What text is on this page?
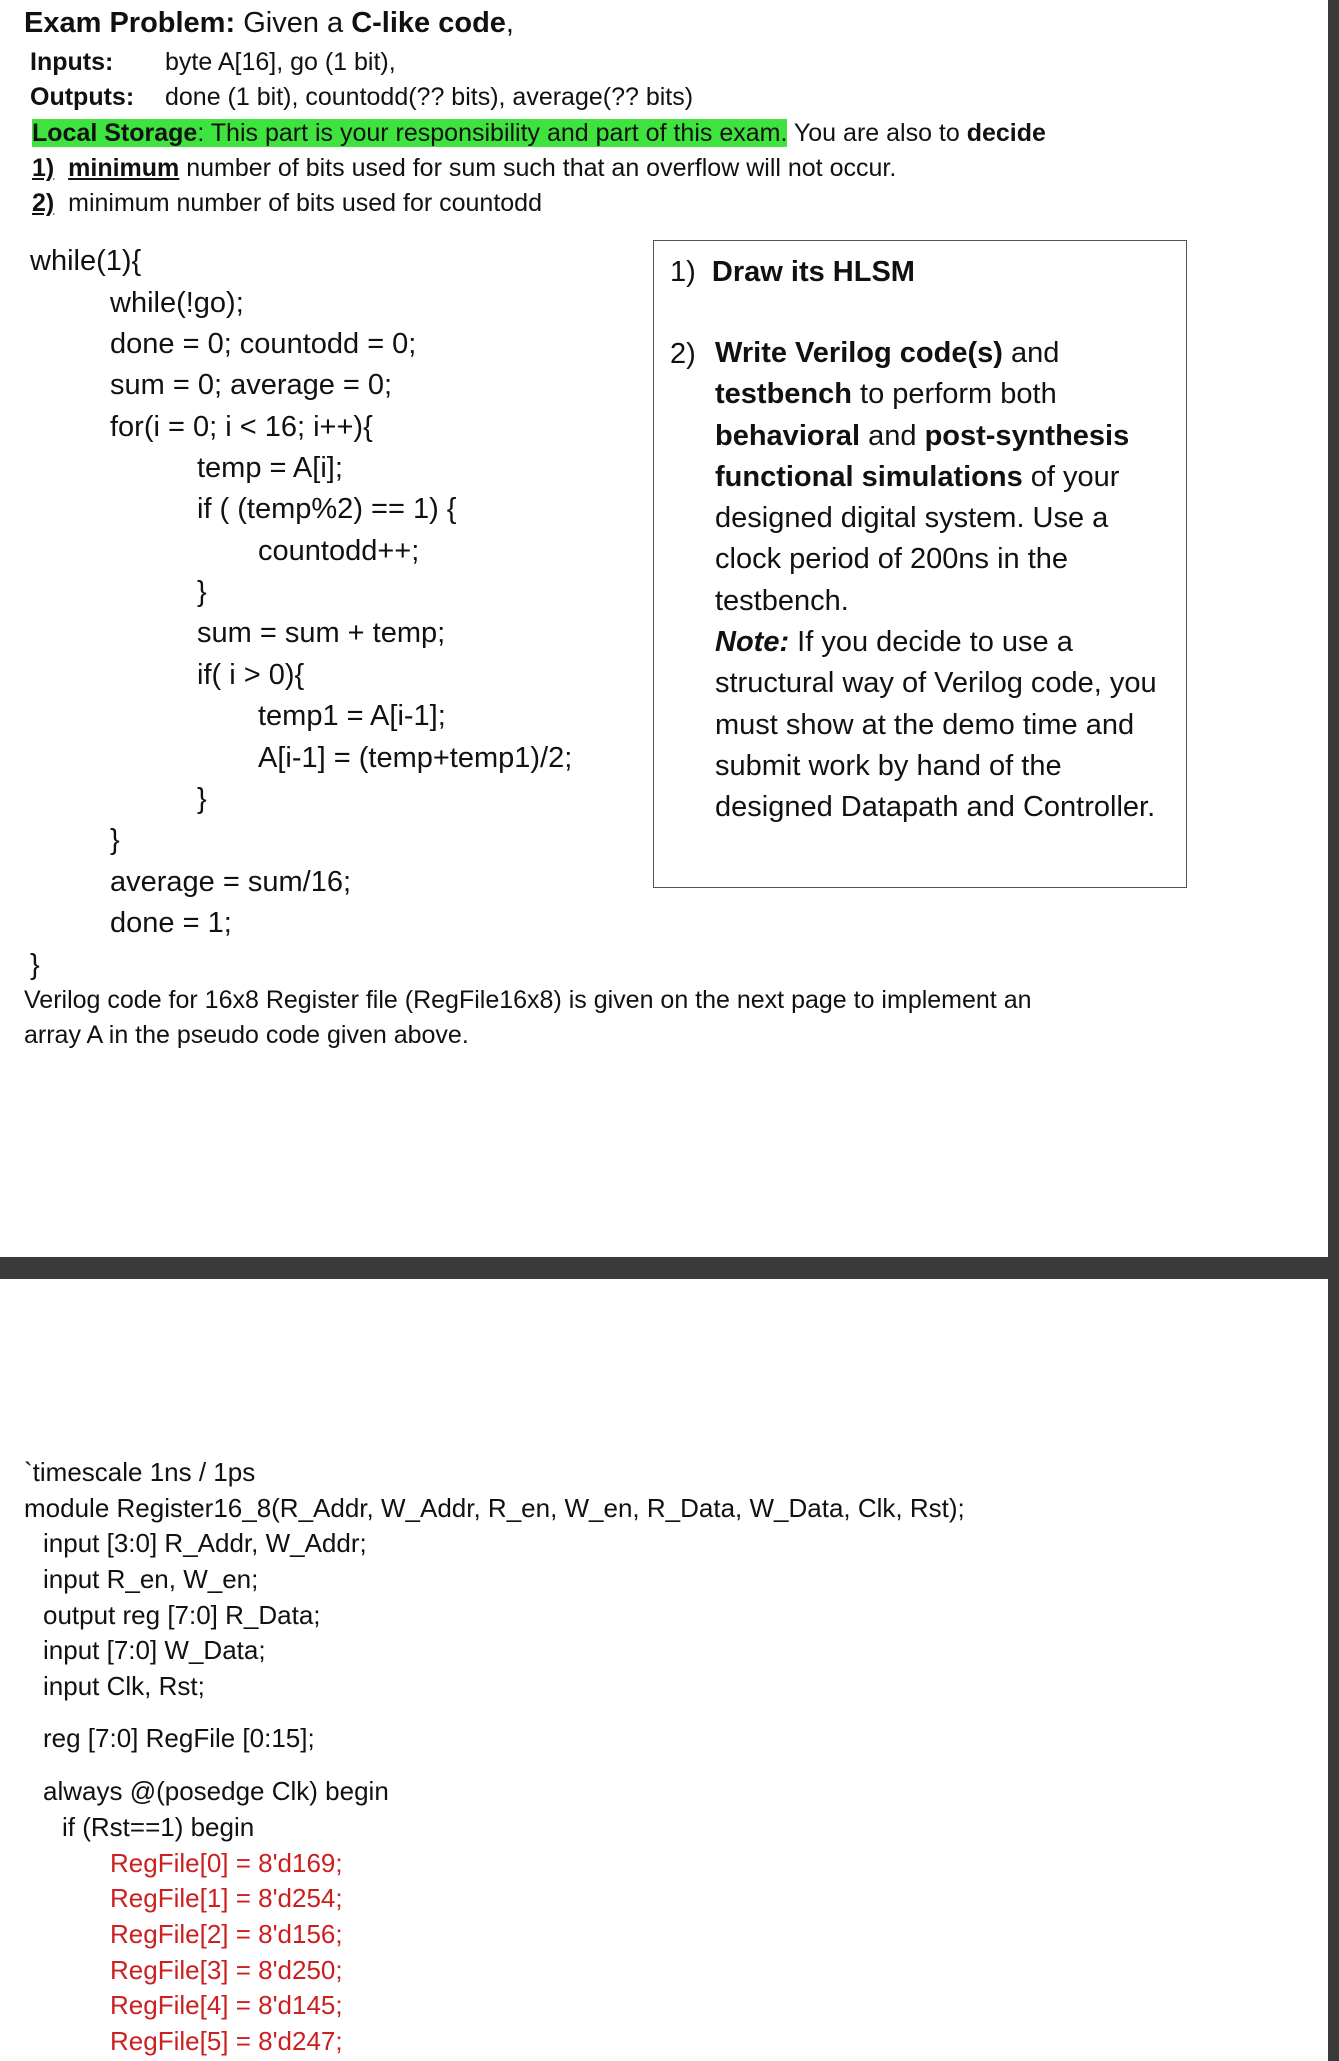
Exam Problem: Given a C-like code,
Inputs: byte A[16], go (1 bit),
Outputs: done (1 bit), countodd(?? bits), average(?? bits)
Local Storage: This part is your responsibility and part of this exam. You are also to decide
1) minimum number of bits used for sum such that an overflow will not occur.
2) minimum number of bits used for countodd
while(1){
while(!go);
done = 0; countodd = 0;
sum = 0; average = 0;
for(i = 0; i < 16; i++){
temp = A[i];
if ( (temp%2) == 1) {
countodd++;
}
sum = sum + temp;
if( i > 0){
temp1 = A[i-1];
A[i-1] = (temp+temp1)/2;
}
}
average = sum/16;
done = 1;
}
1) Draw its HLSM
2) Write Verilog code(s) and testbench to perform both behavioral and post-synthesis functional simulations of your designed digital system. Use a clock period of 200ns in the testbench.
Note: If you decide to use a structural way of Verilog code, you must show at the demo time and submit work by hand of the designed Datapath and Controller.
Verilog code for 16x8 Register file (RegFile16x8) is given on the next page to implement an
array A in the pseudo code given above.
`timescale 1ns / 1ps
module Register16_8(R_Addr, W_Addr, R_en, W_en, R_Data, W_Data, Clk, Rst);
input [3:0] R_Addr, W_Addr;
input R_en, W_en;
output reg [7:0] R_Data;
input [7:0] W_Data;
input Clk, Rst;
reg [7:0] RegFile [0:15];
always @(posedge Clk) begin
if (Rst==1) begin
RegFile[0] = 8'd169;
RegFile[1] = 8'd254;
RegFile[2] = 8'd156;
RegFile[3] = 8'd250;
RegFile[4] = 8'd145;
RegFile[5] = 8'd247;
